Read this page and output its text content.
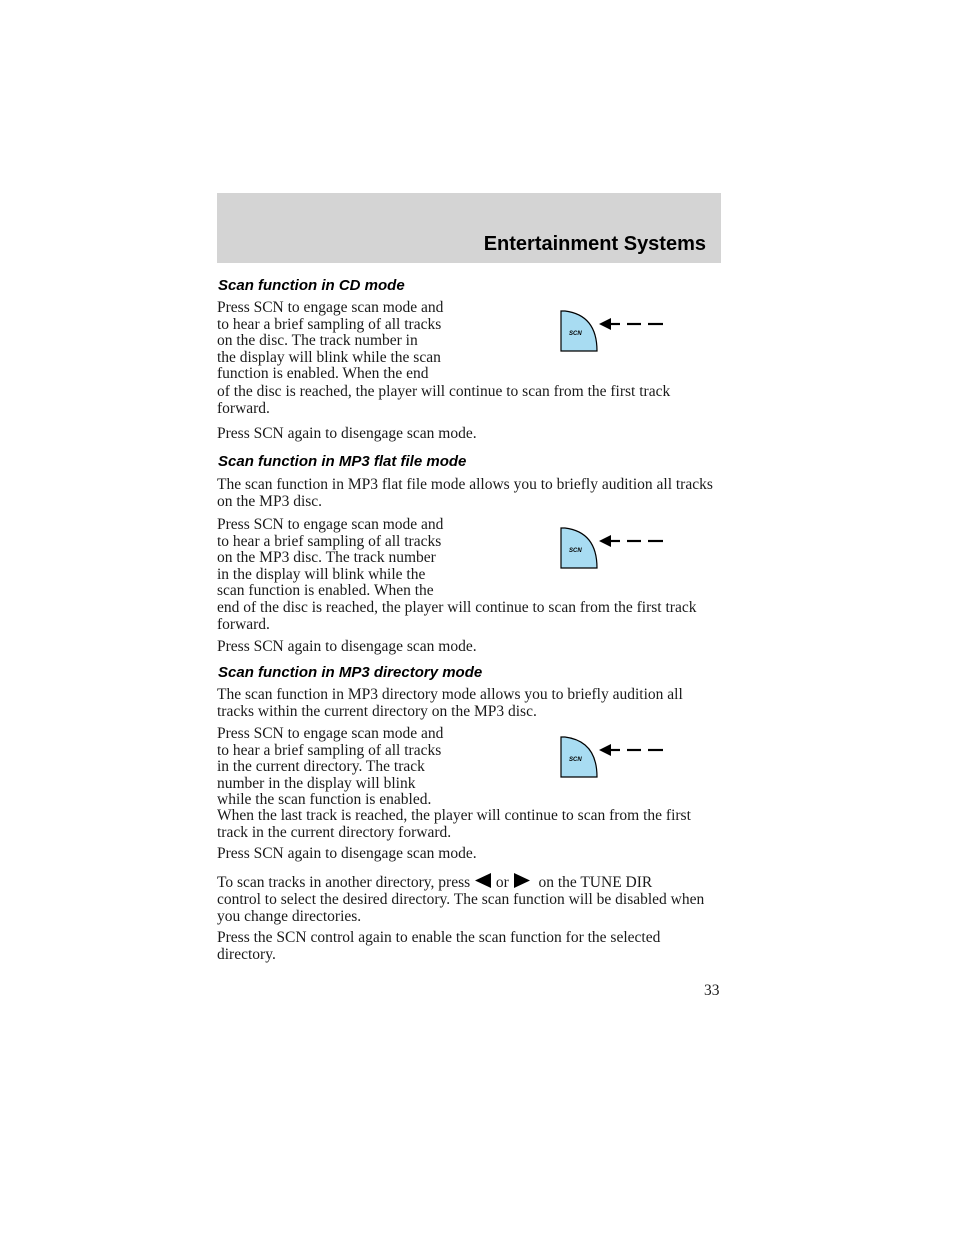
Entertainment Systems
Scan function in CD mode
Press SCN to engage scan mode and
to hear a brief sampling of all tracks
on the disc. The track number in
the display will blink while the scan
function is enabled. When the end
of the disc is reached, the player will continue to scan from the first track forward.
Press SCN again to disengage scan mode.
SCN
Scan function in MP3 flat file mode
The scan function in MP3 flat file mode allows you to briefly audition all tracks on the MP3 disc.
Press SCN to engage scan mode and
to hear a brief sampling of all tracks
on the MP3 disc. The track number
in the display will blink while the
scan function is enabled. When the
end of the disc is reached, the player will continue to scan from the first track forward.
Press SCN again to disengage scan mode.
SCN
Scan function in MP3 directory mode
The scan function in MP3 directory mode allows you to briefly audition all tracks within the current directory on the MP3 disc.
Press SCN to engage scan mode and
to hear a brief sampling of all tracks
in the current directory. The track
number in the display will blink
while the scan function is enabled.
When the last track is reached, the player will continue to scan from the first track in the current directory forward.
Press SCN again to disengage scan mode.
SCN
To scan tracks in another directory, press or on the TUNE DIR
control to select the desired directory. The scan function will be disabled when you change directories.
Press the SCN control again to enable the scan function for the selected directory.
33
